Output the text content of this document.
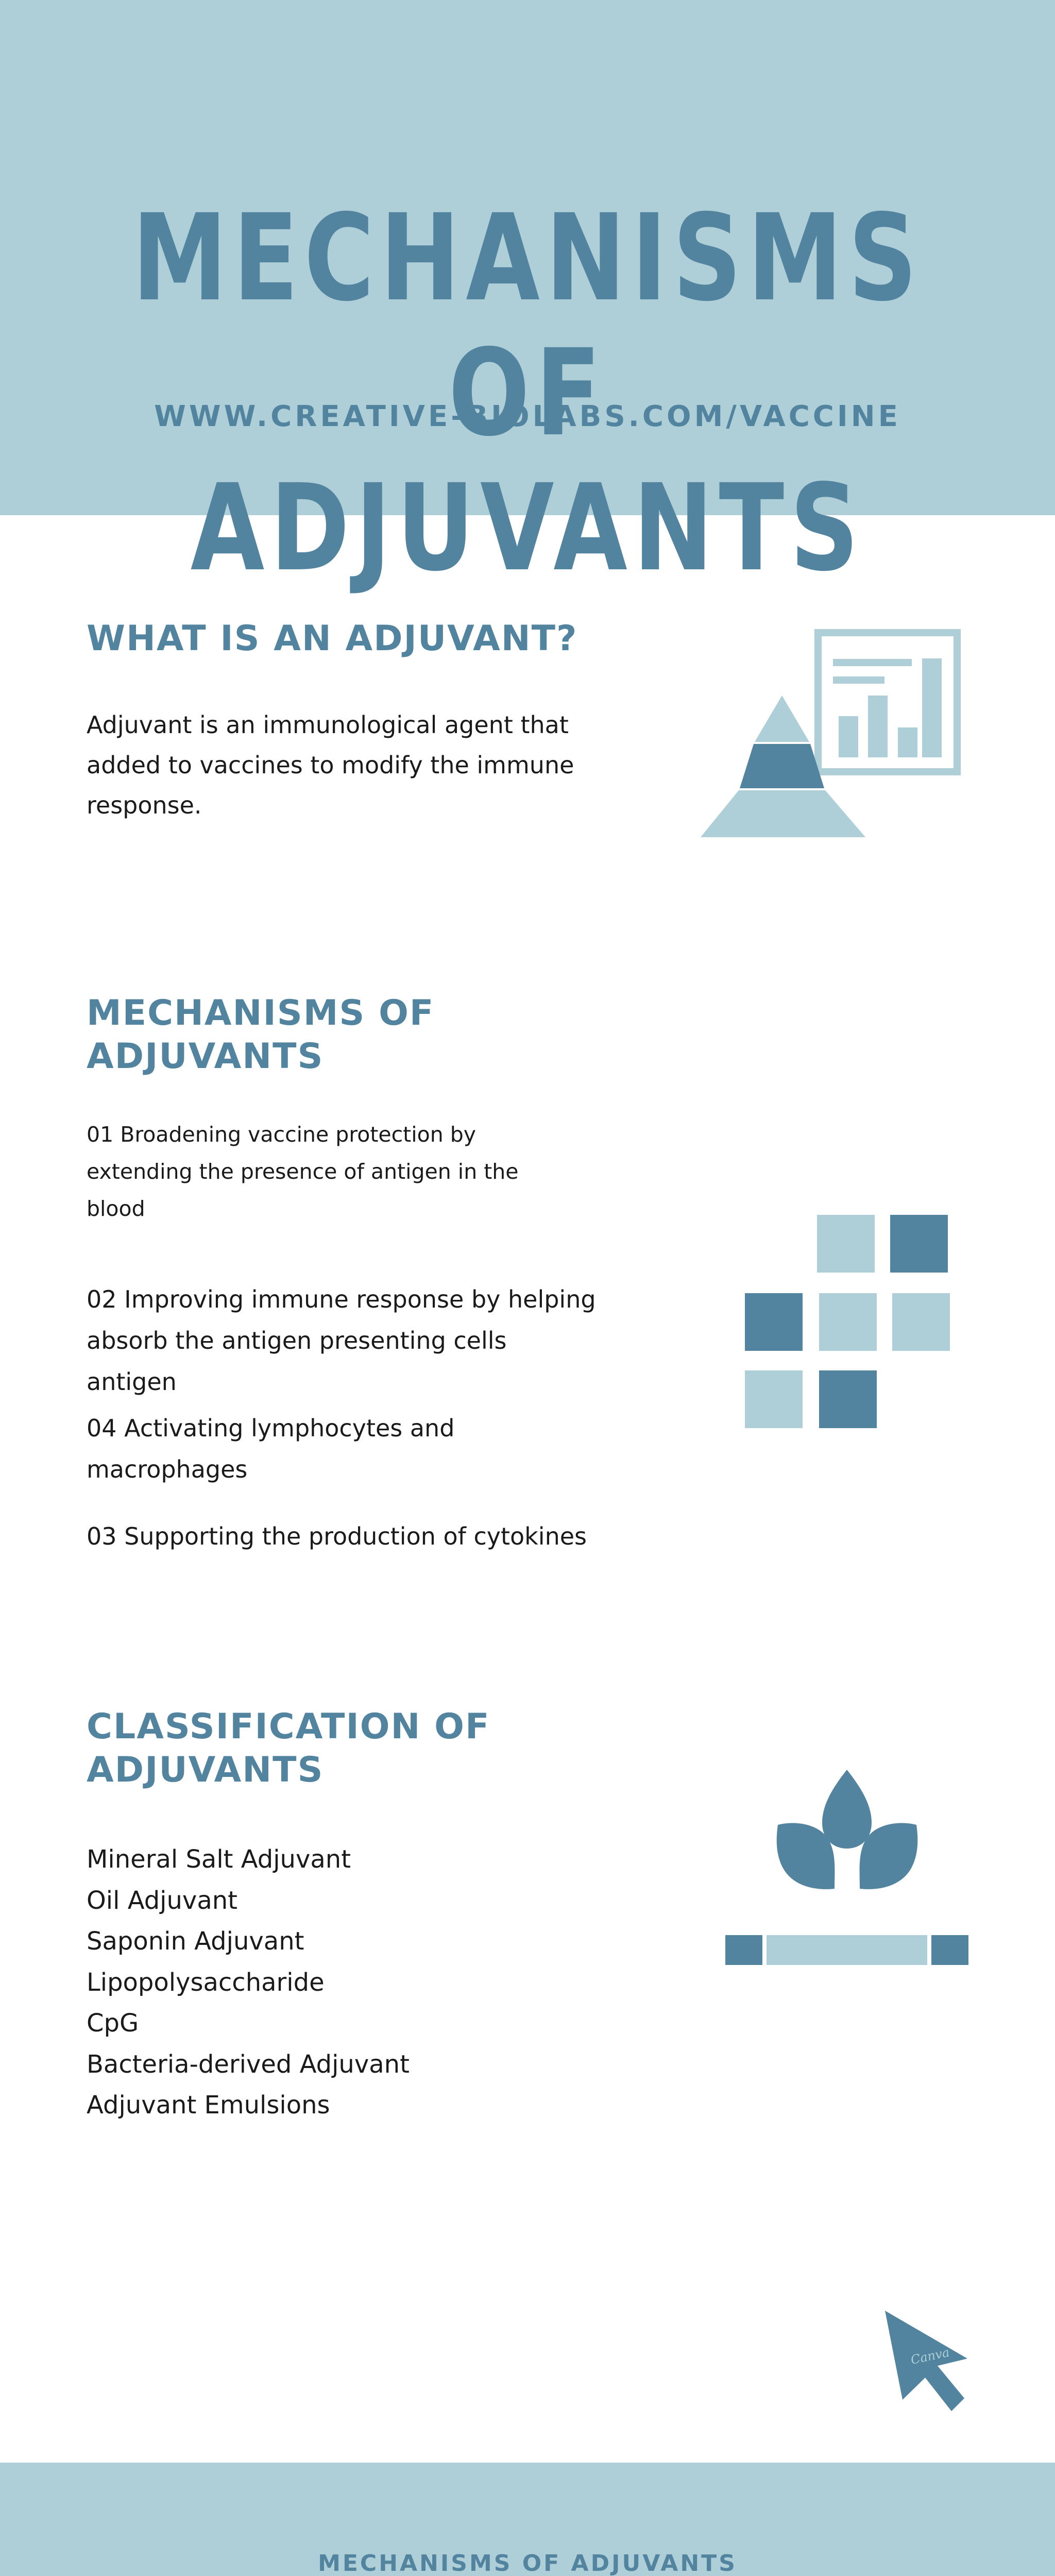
MECHANISMS OF
ADJUVANTS
WWW.CREATIVE-BIOLABS.COM/VACCINE
WHAT IS AN ADJUVANT?

Adjuvant is an immunological agent that
added to vaccines to modify the immune
response.

MECHANISMS OF
ADJUVANTS

01 Broadening vaccine protection by
extending the presence of antigen in the
blood

02 Improving immune response by helping
absorb the antigen presenting cells antigen

04 Activating lymphocytes and macrophages

03 Supporting the production of cytokines

CLASSIFICATION OF
ADJUVANTS
Mineral Salt Adjuvant
Oil Adjuvant
Saponin Adjuvant
Lipopolysaccharide
CpG
Bacteria-derived Adjuvant
Adjuvant Emulsions
Canva
MECHANISMS OF ADJUVANTS
